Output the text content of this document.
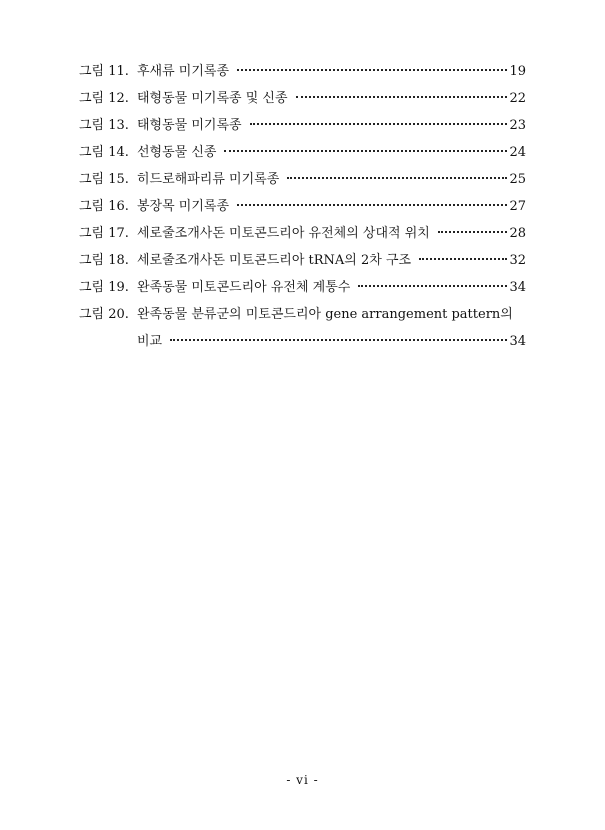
그림 11. 후새류 미기록종	19
그림 12. 태형동물 미기록종 및 신종	22
그림 13. 태형동물 미기록종	23
그림 14. 선형동물 신종	24
그림 15. 히드로해파리류 미기록종	25
그림 16. 봉장목 미기록종	27
그림 17. 세로줄조개사돈 미토콘드리아 유전체의 상대적 위치	28
그림 18. 세로줄조개사돈 미토콘드리아 tRNA의 2차 구조	32
그림 19. 완족동물 미토콘드리아 유전체 계통수	34
그림 20. 완족동물 분류군의 미토콘드리아 gene arrangement pattern의
비교	34
- vi -
